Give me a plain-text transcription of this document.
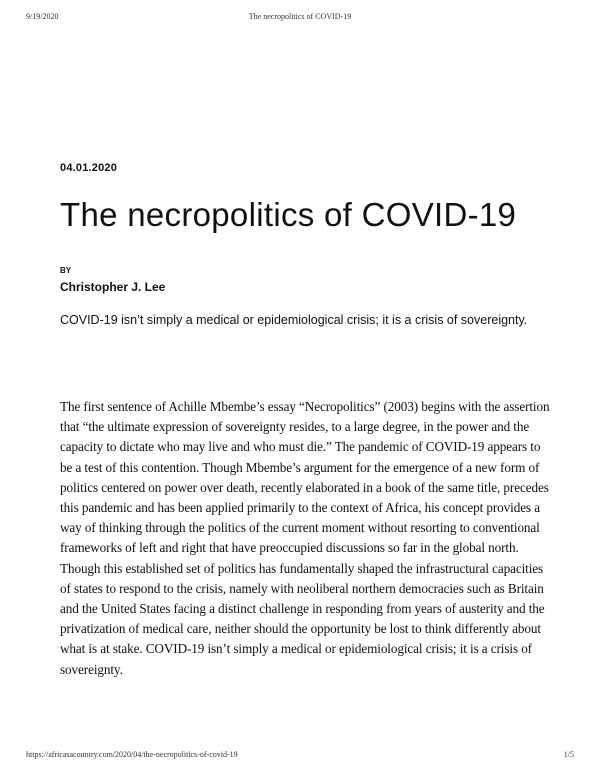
9/19/2020	The necropolitics of COVID-19
04.01.2020
The necropolitics of COVID-19
BY
Christopher J. Lee

COVID-19 isn’t simply a medical or epidemiological crisis; it is a crisis of sovereignty.

The first sentence of Achille Mbembe’s essay “Necropolitics” (2003) begins with the assertion that “the ultimate expression of sovereignty resides, to a large degree, in the power and the capacity to dictate who may live and who must die.” The pandemic of COVID-19 appears to be a test of this contention. Though Mbembe’s argument for the emergence of a new form of politics centered on power over death, recently elaborated in a book of the same title, precedes this pandemic and has been applied primarily to the context of Africa, his concept provides a way of thinking through the politics of the current moment without resorting to conventional frameworks of left and right that have preoccupied discussions so far in the global north. Though this established set of politics has fundamentally shaped the infrastructural capacities of states to respond to the crisis, namely with neoliberal northern democracies such as Britain and the United States facing a distinct challenge in responding from years of austerity and the privatization of medical care, neither should the opportunity be lost to think differently about what is at stake. COVID-19 isn’t simply a medical or epidemiological crisis; it is a crisis of sovereignty.

https://africasacountry.com/2020/04/the-necropolitics-of-covid-19	1/5
